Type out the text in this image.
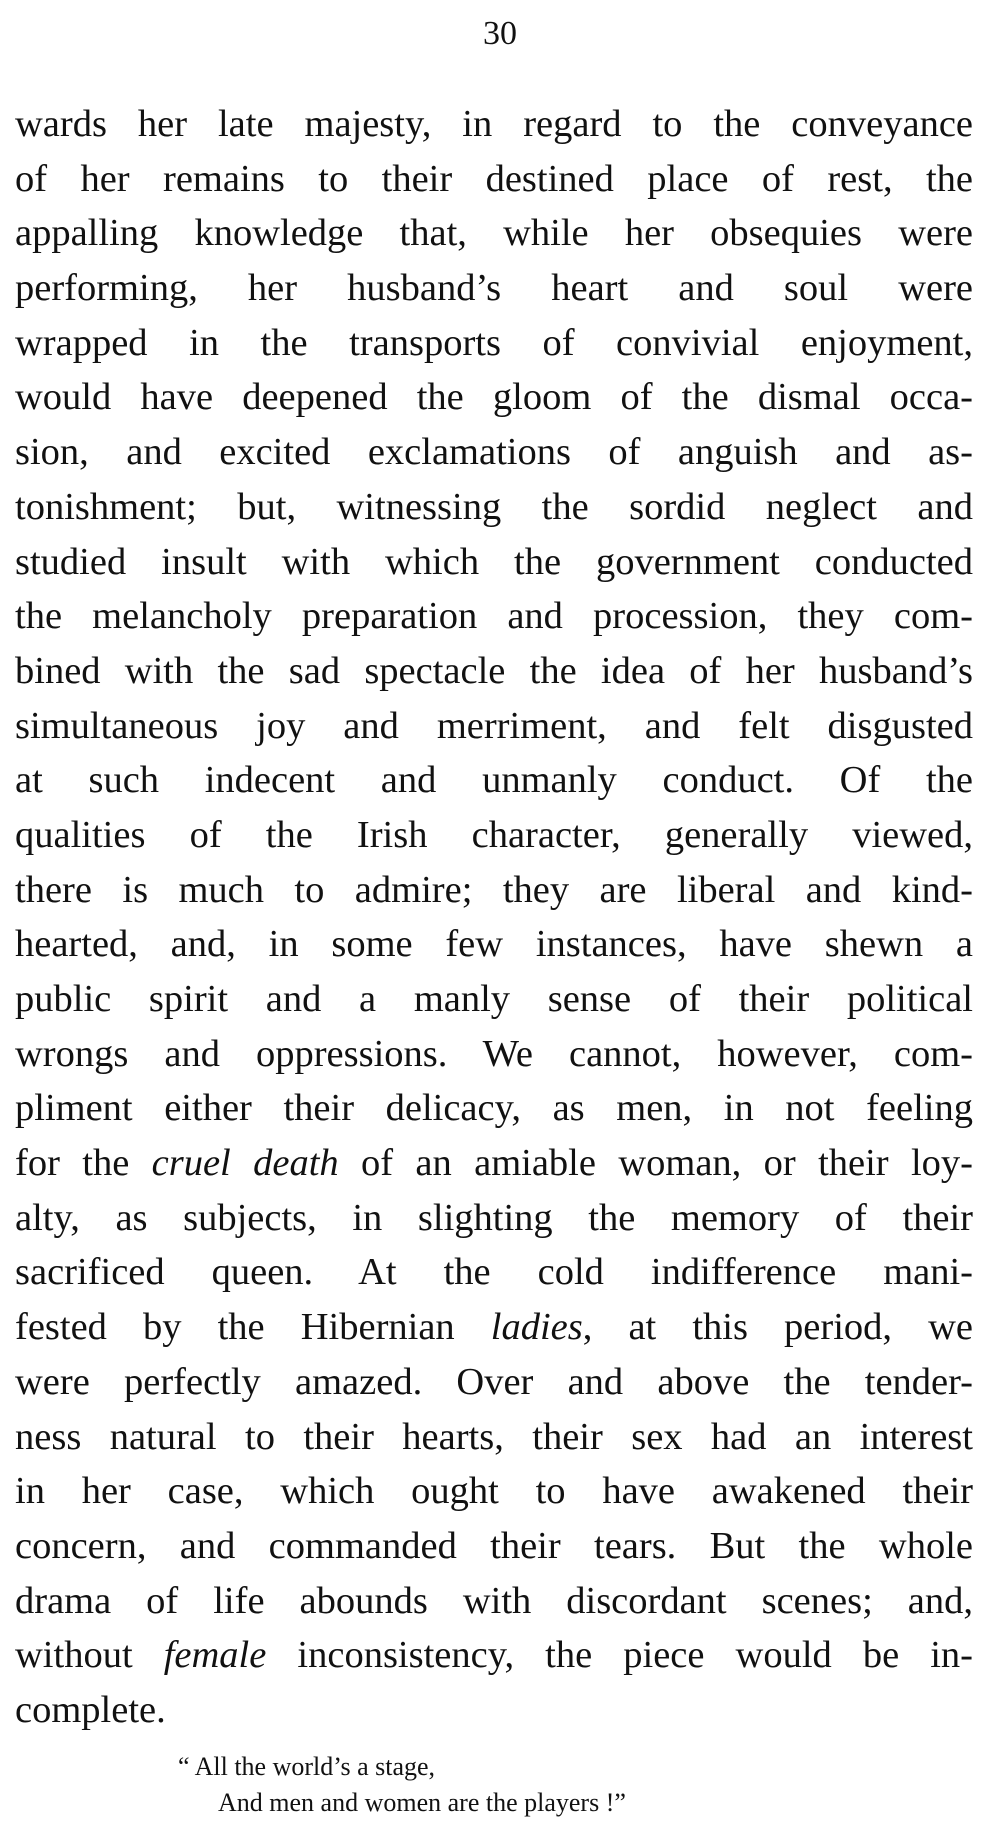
30
wards her late majesty, in regard to the conveyance
of her remains to their destined place of rest, the
appalling knowledge that, while her obsequies were
performing, her husband’s heart and soul were
wrapped in the transports of convivial enjoyment,
would have deepened the gloom of the dismal occa-
sion, and excited exclamations of anguish and as-
tonishment; but, witnessing the sordid neglect and
studied insult with which the government conducted
the melancholy preparation and procession, they com-
bined with the sad spectacle the idea of her husband’s
simultaneous joy and merriment, and felt disgusted
at such indecent and unmanly conduct. Of the
qualities of the Irish character, generally viewed,
there is much to admire; they are liberal and kind-
hearted, and, in some few instances, have shewn a
public spirit and a manly sense of their political
wrongs and oppressions. We cannot, however, com-
pliment either their delicacy, as men, in not feeling
for the cruel death of an amiable woman, or their loy-
alty, as subjects, in slighting the memory of their
sacrificed queen. At the cold indifference mani-
fested by the Hibernian ladies, at this period, we
were perfectly amazed. Over and above the tender-
ness natural to their hearts, their sex had an interest
in her case, which ought to have awakened their
concern, and commanded their tears. But the whole
drama of life abounds with discordant scenes; and,
without female inconsistency, the piece would be in-
complete.
“ All the world’s a stage,
And men and women are the players !”
